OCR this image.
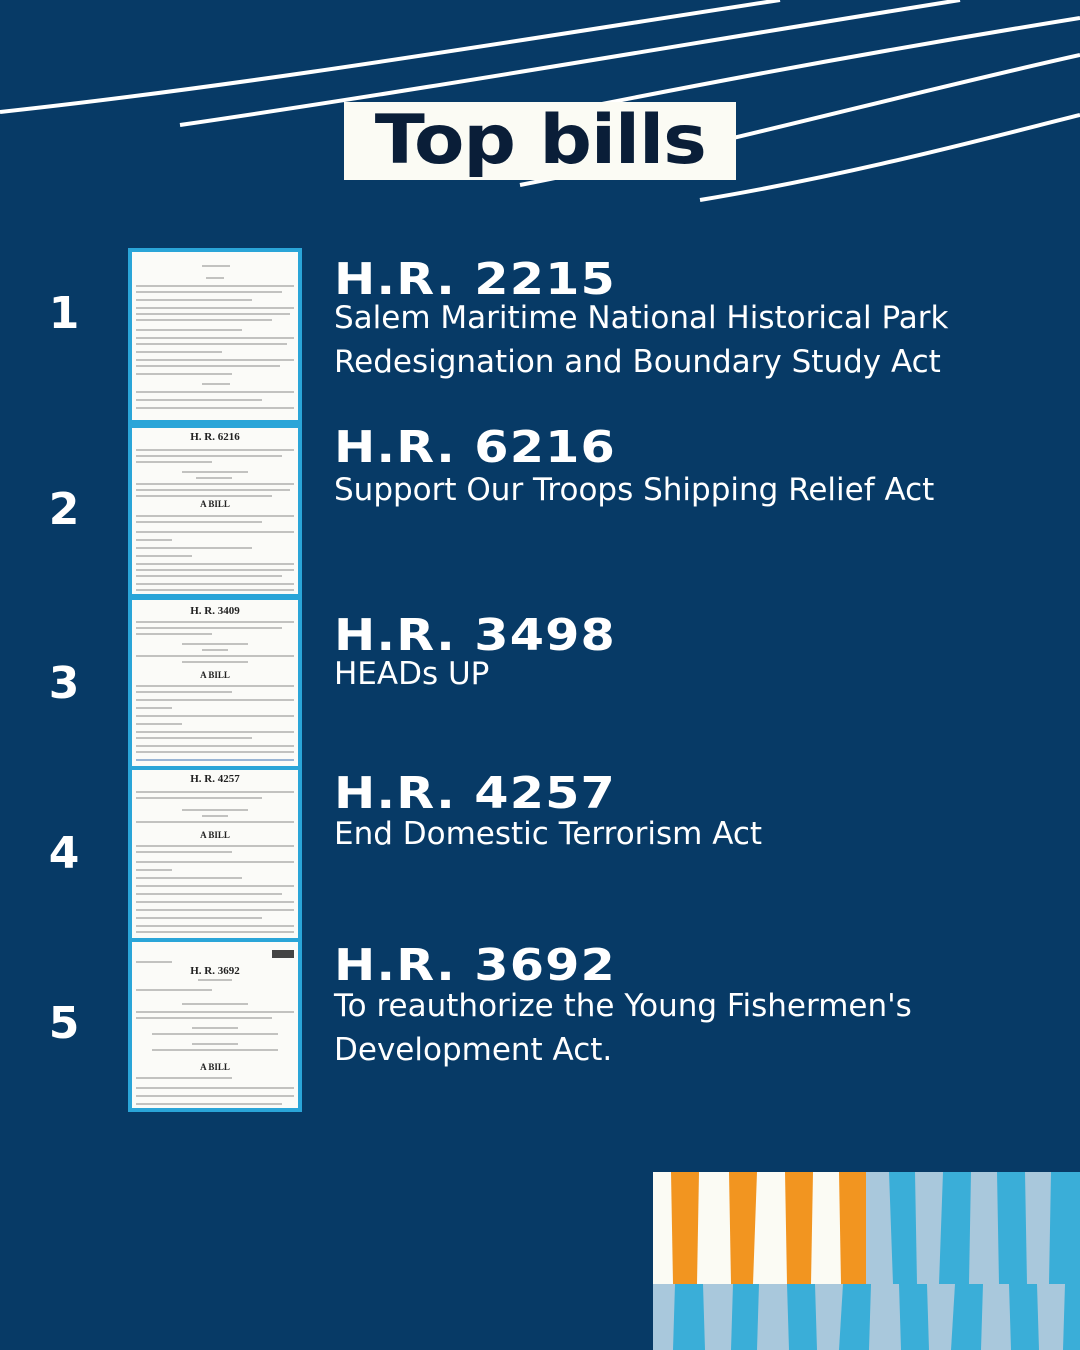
Top bills
1
H.R. 2215
Salem Maritime National Historical Park Redesignation and Boundary Study Act
2
H. R. 6216
A BILL
H.R. 6216
Support Our Troops Shipping Relief Act
3
H. R. 3409
A BILL
H.R. 3498
HEADs UP
4
H. R. 4257
A BILL
H.R. 4257
End Domestic Terrorism Act
5
H. R. 3692
A BILL
H.R. 3692
To reauthorize the Young Fishermen's Development Act.
